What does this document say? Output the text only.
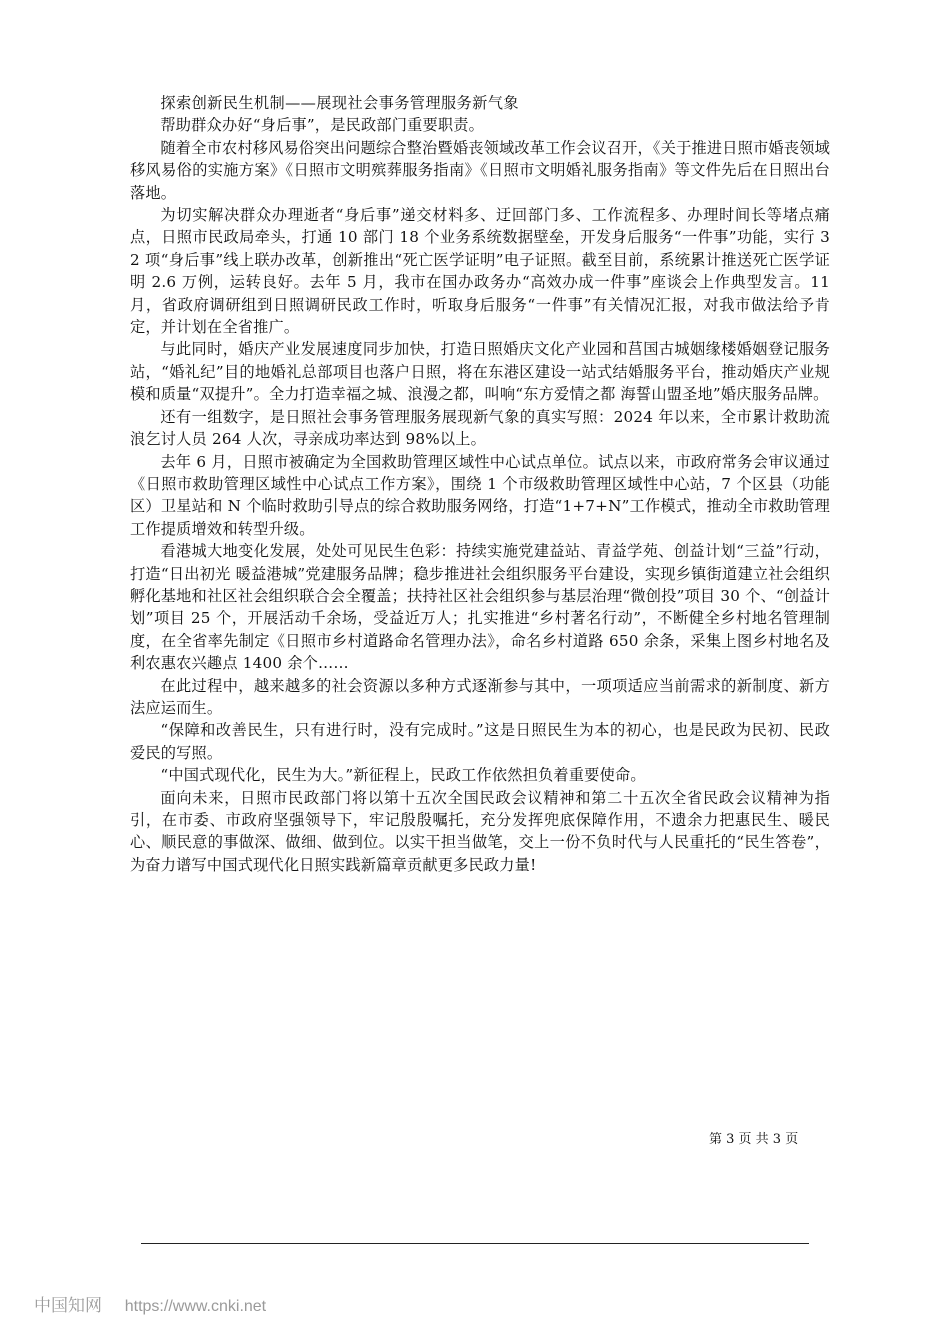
探索创新民生机制——展现社会事务管理服务新气象

帮助群众办好“身后事”，是民政部门重要职责。

随着全市农村移风易俗突出问题综合整治暨婚丧领域改革工作会议召开，《关于推进日照市婚丧领域移风易俗的实施方案》《日照市文明殡葬服务指南》《日照市文明婚礼服务指南》等文件先后在日照出台落地。

为切实解决群众办理逝者“身后事”递交材料多、迂回部门多、工作流程多、办理时间长等堵点痛点，日照市民政局牵头，打通 10 部门 18 个业务系统数据壁垒，开发身后服务“一件事”功能，实行 32 项“身后事”线上联办改革，创新推出“死亡医学证明”电子证照。截至目前，系统累计推送死亡医学证明 2.6 万例，运转良好。去年 5 月，我市在国办政务办“高效办成一件事”座谈会上作典型发言。11 月，省政府调研组到日照调研民政工作时，听取身后服务“一件事”有关情况汇报，对我市做法给予肯定，并计划在全省推广。

与此同时，婚庆产业发展速度同步加快，打造日照婚庆文化产业园和莒国古城姻缘楼婚姻登记服务站，“婚礼纪”目的地婚礼总部项目也落户日照，将在东港区建设一站式结婚服务平台，推动婚庆产业规模和质量“双提升”。全力打造幸福之城、浪漫之都，叫响“东方爱情之都 海誓山盟圣地”婚庆服务品牌。

还有一组数字，是日照社会事务管理服务展现新气象的真实写照：2024 年以来，全市累计救助流浪乞讨人员 264 人次，寻亲成功率达到 98%以上。

去年 6 月，日照市被确定为全国救助管理区域性中心试点单位。试点以来，市政府常务会审议通过《日照市救助管理区域性中心试点工作方案》，围绕 1 个市级救助管理区域性中心站，7 个区县（功能区）卫星站和 N 个临时救助引导点的综合救助服务网络，打造“1+7+N”工作模式，推动全市救助管理工作提质增效和转型升级。

看港城大地变化发展，处处可见民生色彩：持续实施党建益站、青益学苑、创益计划“三益”行动，打造“日出初光 暖益港城”党建服务品牌；稳步推进社会组织服务平台建设，实现乡镇街道建立社会组织孵化基地和社区社会组织联合会全覆盖；扶持社区社会组织参与基层治理“微创投”项目 30 个、“创益计划”项目 25 个，开展活动千余场，受益近万人；扎实推进“乡村著名行动”，不断健全乡村地名管理制度，在全省率先制定《日照市乡村道路命名管理办法》，命名乡村道路 650 余条，采集上图乡村地名及利农惠农兴趣点 1400 余个……

在此过程中，越来越多的社会资源以多种方式逐渐参与其中，一项项适应当前需求的新制度、新方法应运而生。

“保障和改善民生，只有进行时，没有完成时。”这是日照民生为本的初心，也是民政为民初、民政爱民的写照。

“中国式现代化，民生为大。”新征程上，民政工作依然担负着重要使命。

面向未来，日照市民政部门将以第十五次全国民政会议精神和第二十五次全省民政会议精神为指引，在市委、市政府坚强领导下，牢记殷殷嘱托，充分发挥兜底保障作用，不遗余力把惠民生、暖民心、顺民意的事做深、做细、做到位。以实干担当做笔，交上一份不负时代与人民重托的“民生答卷”，为奋力谱写中国式现代化日照实践新篇章贡献更多民政力量!

第 3 页 共 3 页
中国知网 https://www.cnki.net
